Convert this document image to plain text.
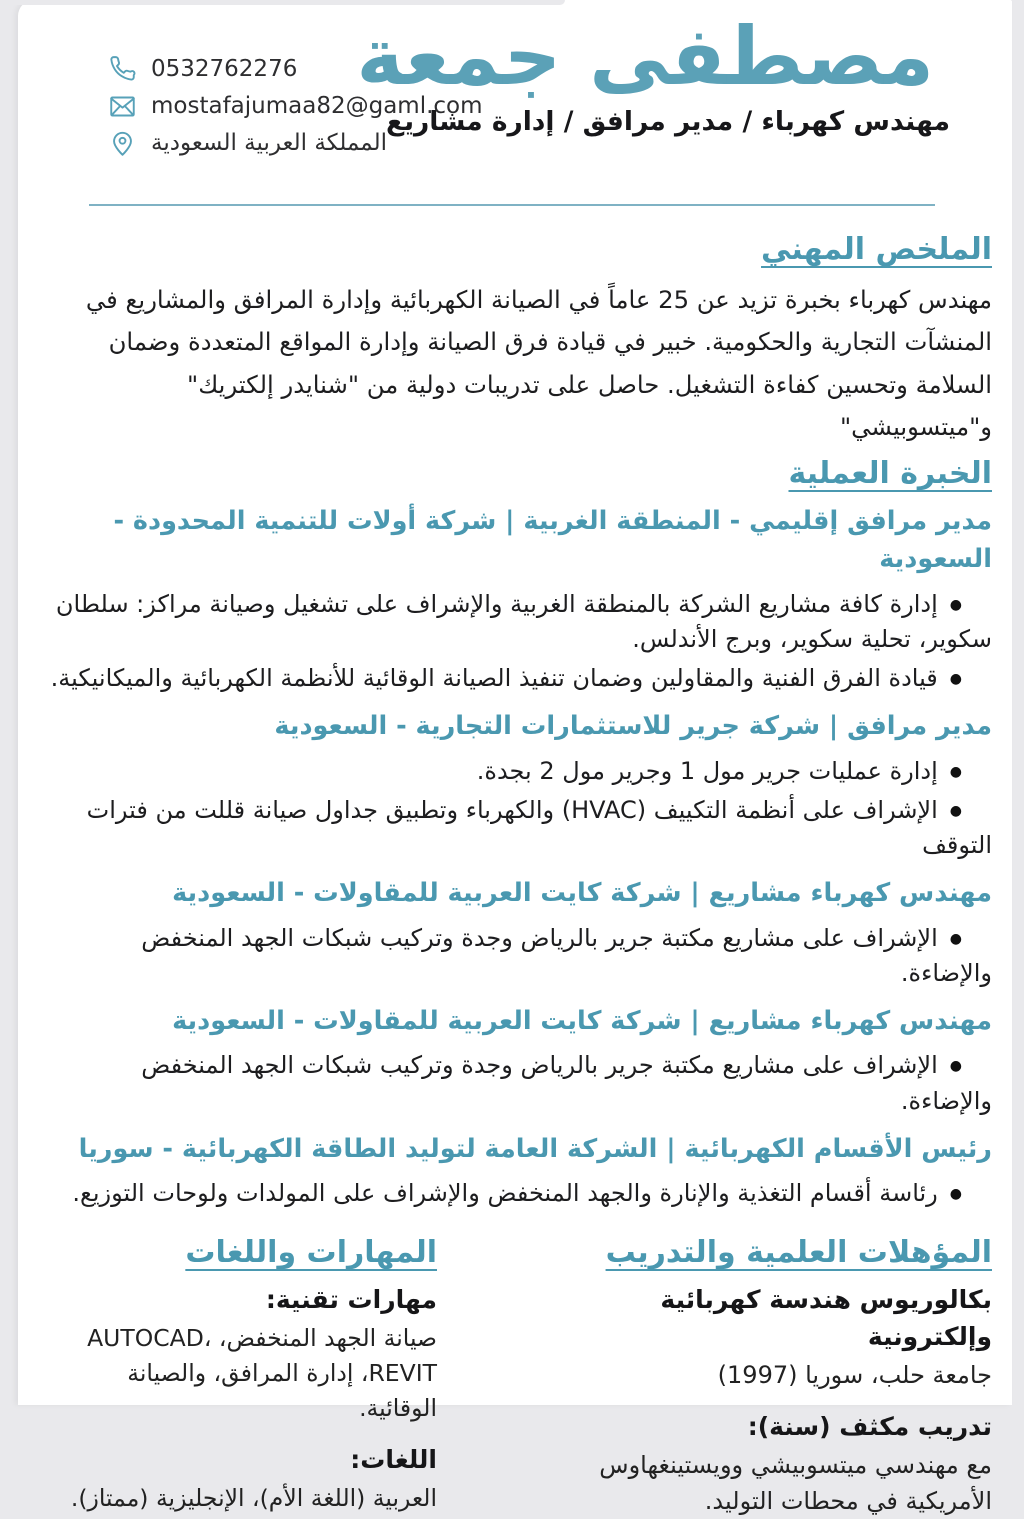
مصطفى جمعة
مهندس كهرباء / مدير مرافق / إدارة مشاريع
0532762276
mostafajumaa82@gaml.com
المملكة العربية السعودية
الملخص المهني

مهندس كهرباء بخبرة تزيد عن 25 عاماً في الصيانة الكهربائية وإدارة المرافق والمشاريع في المنشآت التجارية والحكومية. خبير في قيادة فرق الصيانة وإدارة المواقع المتعددة وضمان السلامة وتحسين كفاءة التشغيل. حاصل على تدريبات دولية من "شنايدر إلكتريك" و"ميتسوبيشي"

الخبرة العملية
مدير مرافق إقليمي - المنطقة الغربية | شركة أولات للتنمية المحدودة - السعودية
● إدارة كافة مشاريع الشركة بالمنطقة الغربية والإشراف على تشغيل وصيانة مراكز: سلطان سكوير، تحلية سكوير، وبرج الأندلس.
● قيادة الفرق الفنية والمقاولين وضمان تنفيذ الصيانة الوقائية للأنظمة الكهربائية والميكانيكية.
مدير مرافق | شركة جرير للاستثمارات التجارية - السعودية
● إدارة عمليات جرير مول 1 وجرير مول 2 بجدة.
● الإشراف على أنظمة التكييف (HVAC) والكهرباء وتطبيق جداول صيانة قللت من فترات التوقف
مهندس كهرباء مشاريع | شركة كايت العربية للمقاولات - السعودية
● الإشراف على مشاريع مكتبة جرير بالرياض وجدة وتركيب شبكات الجهد المنخفض والإضاءة.
مهندس كهرباء مشاريع | شركة كايت العربية للمقاولات - السعودية
● الإشراف على مشاريع مكتبة جرير بالرياض وجدة وتركيب شبكات الجهد المنخفض والإضاءة.
رئيس الأقسام الكهربائية | الشركة العامة لتوليد الطاقة الكهربائية - سوريا
● رئاسة أقسام التغذية والإنارة والجهد المنخفض والإشراف على المولدات ولوحات التوزيع.
المؤهلات العلمية والتدريب
بكالوريوس هندسة كهربائية وإلكترونية
جامعة حلب، سوريا (1997)
تدريب مكثف (سنة):
مع مهندسي ميتسوبيشي وويستينغهاوس الأمريكية في محطات التوليد.
المهارات واللغات
مهارات تقنية:
صيانة الجهد المنخفض، AUTOCAD، REVIT، إدارة المرافق، والصيانة الوقائية.
اللغات:
العربية (اللغة الأم)، الإنجليزية (ممتاز).
